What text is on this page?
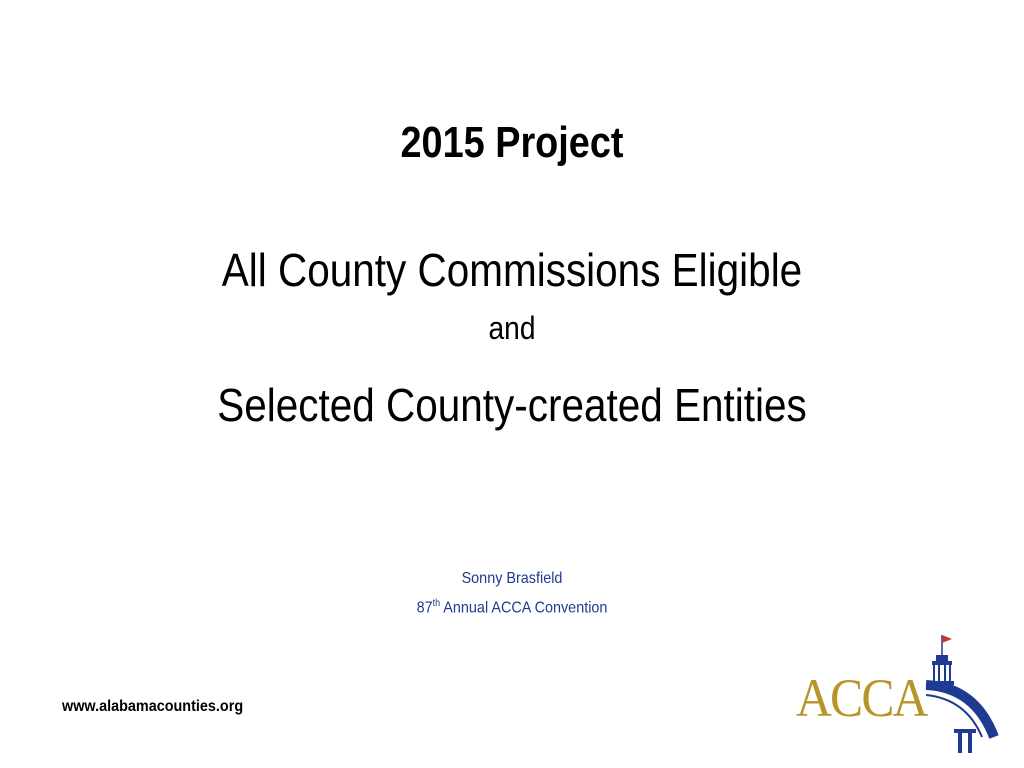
2015 Project
All County Commissions Eligible
and
Selected County-created Entities
Sonny Brasfield
87th Annual ACCA Convention
www.alabamacounties.org	ACCA
